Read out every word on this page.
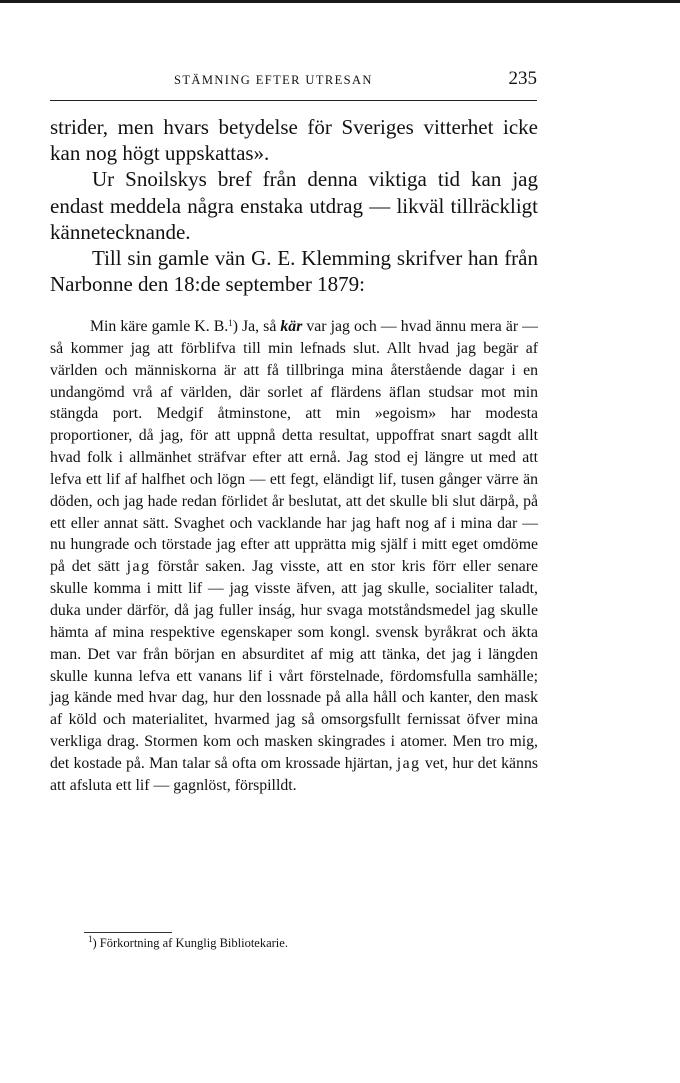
STÄMNING EFTER UTRESAN	235

strider, men hvars betydelse för Sveriges vitterhet icke kan nog högt uppskattas».

Ur Snoilskys bref från denna viktiga tid kan jag endast meddela några enstaka utdrag — likväl tillräckligt kännetecknande.

Till sin gamle vän G. E. Klemming skrifver han från Narbonne den 18:de september 1879:

Min käre gamle K. B.$^1$) Ja, så kär var jag och — hvad ännu mera är — så kommer jag att förblifva till min lefnads slut. Allt hvad jag begär af världen och människorna är att få tillbringa mina återstående dagar i en undangömd vrå af världen, där sorlet af flärdens äflan studsar mot min stängda port. Medgif åtminstone, att min »egoism» har modesta proportioner, då jag, för att uppnå detta resultat, uppoffrat snart sagdt allt hvad folk i allmänhet sträfvar efter att ernå. Jag stod ej längre ut med att lefva ett lif af halfhet och lögn — ett fegt, eländigt lif, tusen gånger värre än döden, och jag hade redan förlidet år beslutat, att det skulle bli slut därpå, på ett eller annat sätt. Svaghet och vacklande har jag haft nog af i mina dar — nu hungrade och törstade jag efter att upprätta mig själf i mitt eget omdöme på det sätt jag förstår saken. Jag visste, att en stor kris förr eller senare skulle komma i mitt lif — jag visste äfven, att jag skulle, socialiter taladt, duka under därför, då jag fuller inság, hur svaga motståndsmedel jag skulle hämta af mina respektive egenskaper som kongl. svensk byråkrat och äkta man. Det var från början en absurditet af mig att tänka, det jag i längden skulle kunna lefva ett vanans lif i vårt förstelnade, fördomsfulla samhälle; jag kände med hvar dag, hur den lossnade på alla håll och kanter, den mask af köld och materialitet, hvarmed jag så omsorgsfullt fernissat öfver mina verkliga drag. Stormen kom och masken skingrades i atomer. Men tro mig, det kostade på. Man talar så ofta om krossade hjärtan, jag vet, hur det känns att afsluta ett lif — gagnlöst, förspilldt.

$^1$) Förkortning af Kunglig Bibliotekarie.
